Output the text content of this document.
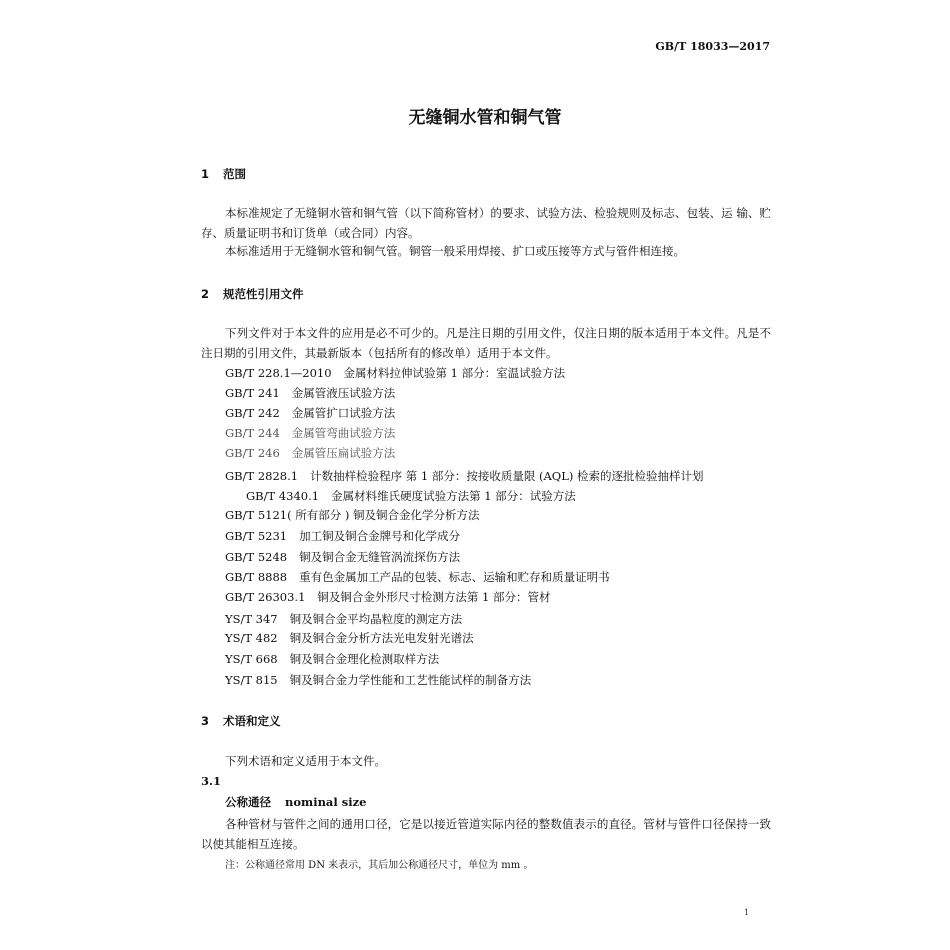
GB/T 18033—2017
无缝铜水管和铜气管
1 范围
本标准规定了无缝铜水管和铜气管（以下简称管材）的要求、试验方法、检验规则及标志、包装、运 输、贮存、质量证明书和订货单（或合同）内容。
本标准适用于无缝铜水管和铜气管。铜管一般采用焊接、扩口或压接等方式与管件相连接。
2 规范性引用文件
下列文件对于本文件的应用是必不可少的。凡是注日期的引用文件，仅注日期的版本适用于本文件。凡是不注日期的引用文件，其最新版本（包括所有的修改单）适用于本文件。
GB/T 228.1—2010 金属材料拉伸试验第 1 部分：室温试验方法
GB/T 241 金属管液压试验方法
GB/T 242 金属管扩口试验方法
GB/T 244 金属管弯曲试验方法
GB/T 246 金属管压扁试验方法
GB/T 2828.1 计数抽样检验程序 第 1 部分：按接收质量限 (AQL) 检索的逐批检验抽样计划
GB/T 4340.1 金属材料维氏硬度试验方法第 1 部分：试验方法
GB/T 5121( 所有部分 ) 铜及铜合金化学分析方法
GB/T 5231 加工铜及铜合金牌号和化学成分
GB/T 5248 铜及铜合金无缝管涡流探伤方法
GB/T 8888 重有色金属加工产品的包装、标志、运输和贮存和质量证明书
GB/T 26303.1 铜及铜合金外形尺寸检测方法第 1 部分：管材
YS/T 347 铜及铜合金平均晶粒度的测定方法
YS/T 482 铜及铜合金分析方法光电发射光谱法
YS/T 668 铜及铜合金理化检测取样方法
YS/T 815 铜及铜合金力学性能和工艺性能试样的制备方法
3 术语和定义
下列术语和定义适用于本文件。
3.1
公称通径 nominal size
各种管材与管件之间的通用口径，它是以接近管道实际内径的整数值表示的直径。管材与管件口径保持一致以使其能相互连接。
注：公称通径常用 DN 来表示，其后加公称通径尺寸，单位为 mm 。
1
